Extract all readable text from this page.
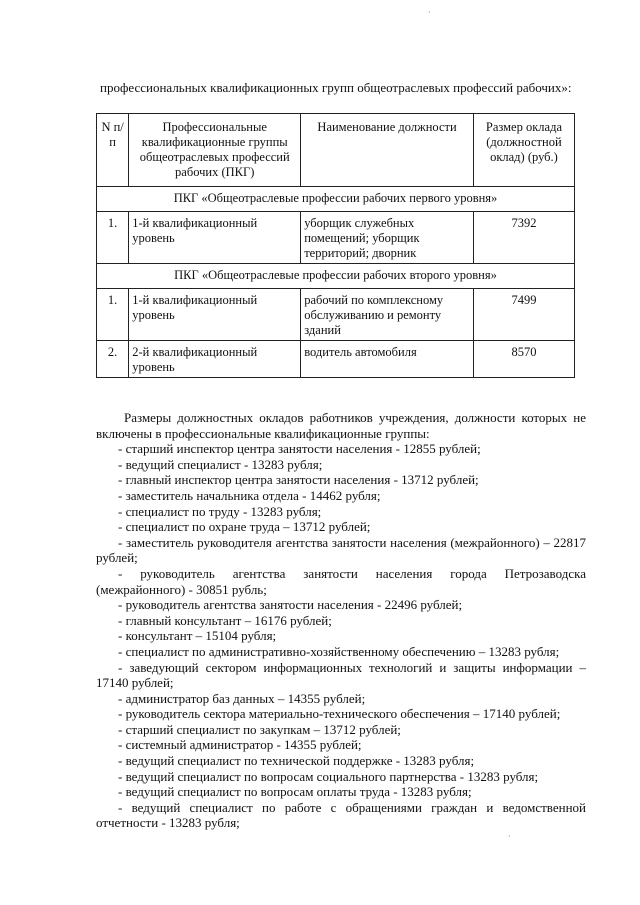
профессиональных квалификационных групп общеотраслевых профессий рабочих»:
N п/п	Профессиональные квалификационные группы общеотраслевых профессий рабочих (ПКГ)	Наименование должности	Размер оклада (должностной оклад) (руб.)
ПКГ «Общеотраслевые профессии рабочих первого уровня»			
1.	1-й квалификационный уровень	уборщик служебных помещений; уборщик территорий; дворник	7392
ПКГ «Общеотраслевые профессии рабочих второго уровня»			
1.	1-й квалификационный уровень	рабочий по комплексному обслуживанию и ремонту зданий	7499
2.	2-й квалификационный уровень	водитель автомобиля	8570

Размеры должностных окладов работников учреждения, должности которых не включены в профессиональные квалификационные группы:

- старший инспектор центра занятости населения - 12855 рублей;

- ведущий специалист - 13283 рубля;

- главный инспектор центра занятости населения - 13712 рублей;

- заместитель начальника отдела - 14462 рубля;

- специалист по труду - 13283 рубля;

- специалист по охране труда – 13712 рублей;

- заместитель руководителя агентства занятости населения (межрайонного) – 22817 рублей;

- руководитель агентства занятости населения города Петрозаводска (межрайонного) - 30851 рубль;

- руководитель агентства занятости населения - 22496 рублей;

- главный консультант – 16176 рублей;

- консультант – 15104 рубля;

- специалист по административно-хозяйственному обеспечению – 13283 рубля;

- заведующий сектором информационных технологий и защиты информации – 17140 рублей;

- администратор баз данных – 14355 рублей;

- руководитель сектора материально-технического обеспечения – 17140 рублей;

- старший специалист по закупкам – 13712 рублей;

- системный администратор - 14355 рублей;

- ведущий специалист по технической поддержке - 13283 рубля;

- ведущий специалист по вопросам социального партнерства - 13283 рубля;

- ведущий специалист по вопросам оплаты труда - 13283 рубля;

- ведущий специалист по работе с обращениями граждан и ведомственной отчетности - 13283 рубля;

·
·
